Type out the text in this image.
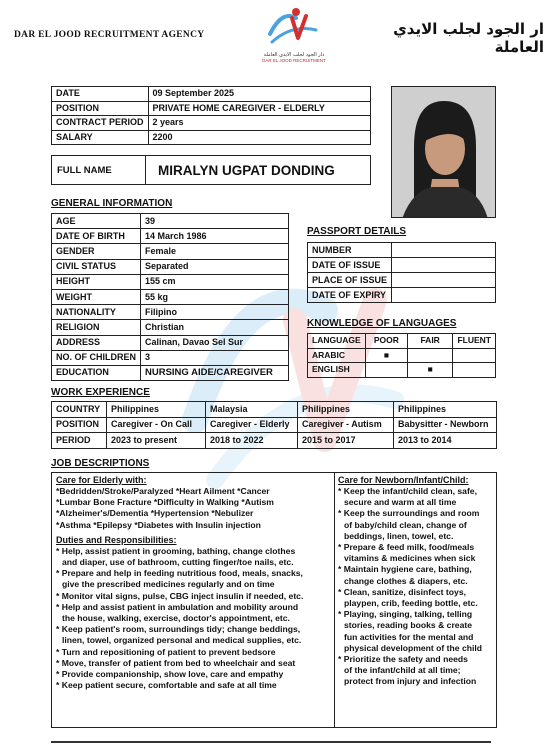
DAR EL JOOD RECRUITMENT AGENCY
دار الجود لجلب الايدي العاملة
DAR EL JOOD RECRUITMENT
ار الجود لجلب الايدي العاملة
DATE	09 September 2025
POSITION	PRIVATE HOME CAREGIVER - ELDERLY
CONTRACT PERIOD	2 years
SALARY	2200
FULL NAME	MIRALYN UGPAT DONDING
GENERAL INFORMATION
AGE	39
DATE OF BIRTH	14 March 1986
GENDER	Female
CIVIL STATUS	Separated
HEIGHT	155 cm
WEIGHT	55 kg
NATIONALITY	Filipino
RELIGION	Christian
ADDRESS	Calinan, Davao Sel Sur
NO. OF CHILDREN	3
EDUCATION	NURSING AIDE/CAREGIVER
PASSPORT DETAILS
NUMBER	
DATE OF ISSUE	
PLACE OF ISSUE	
DATE OF EXPIRY	
KNOWLEDGE OF LANGUAGES
LANGUAGE	POOR	FAIR	FLUENT
ARABIC	■		
ENGLISH		■	
WORK EXPERIENCE
COUNTRY	Philippines	Malaysia	Philippines	Philippines
POSITION	Caregiver - On Call	Caregiver - Elderly	Caregiver - Autism	Babysitter - Newborn
PERIOD	2023 to present	2018 to 2022	2015 to 2017	2013 to 2014
JOB DESCRIPTIONS
Care for Elderly with:
*Bedridden/Stroke/Paralyzed *Heart Ailment *Cancer
*Lumbar Bone Fracture *Difficulty in Walking *Autism
*Alzheimer's/Dementia *Hypertension *Nebulizer
*Asthma *Epilepsy *Diabetes with Insulin injection
Duties and Responsibilities:
* Help, assist patient in grooming, bathing, change clothes
and diaper, use of bathroom, cutting finger/toe nails, etc.
* Prepare and help in feeding nutritious food, meals, snacks,
give the prescribed medicines regularly and on time
* Monitor vital signs, pulse, CBG inject insulin if needed, etc.
* Help and assist patient in ambulation and mobility around
the house, walking, exercise, doctor's appointment, etc.
* Keep patient's room, surroundings tidy; change beddings,
linen, towel, organized personal and medical supplies, etc.
* Turn and repositioning of patient to prevent bedsore
* Move, transfer of patient from bed to wheelchair and seat
* Provide companionship, show love, care and empathy
* Keep patient secure, comfortable and safe at all time
Care for Newborn/Infant/Child:
* Keep the infant/child clean, safe,
secure and warm at all time
* Keep the surroundings and room
of baby/child clean, change of
beddings, linen, towel, etc.
* Prepare & feed milk, food/meals
vitamins & medicines when sick
* Maintain hygiene care, bathing,
change clothes & diapers, etc.
* Clean, sanitize, disinfect toys,
playpen, crib, feeding bottle, etc.
* Playing, singing, talking, telling
stories, reading books & create
fun activities for the mental and
physical development of the child
* Prioritize the safety and needs
of the infant/child at all time;
protect from injury and infection
